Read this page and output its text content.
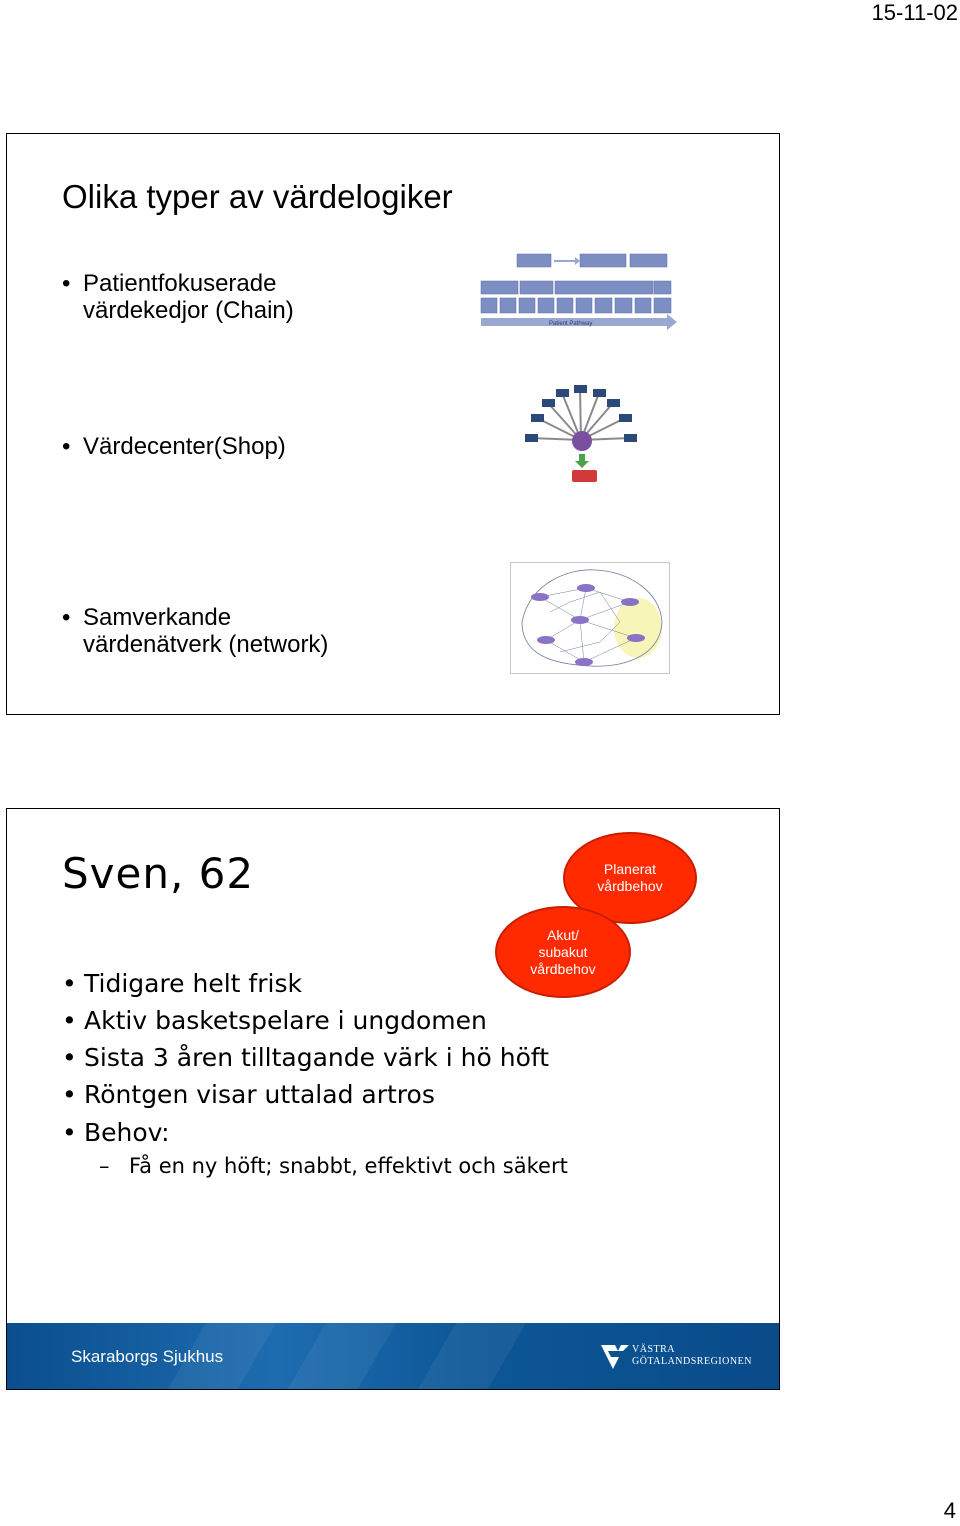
15-11-02
Olika typer av värdelogiker
• Patientfokuserade
värdekedjor (Chain)
• Värdecenter(Shop)
• Samverkande
värdenätverk (network)
Patient Pathway
Sven, 62	Planerat vårdbehov
Akut/ subakut vårdbehov
• Tidigare helt frisk
• Aktiv basketspelare i ungdomen
• Sista 3 åren tilltagande värk i hö höft
• Röntgen visar uttalad artros
• Behov:
– Få en ny höft; snabbt, effektivt och säkert
Skaraborgs Sjukhus	VÄSTRA
GÖTALANDSREGIONEN
4
